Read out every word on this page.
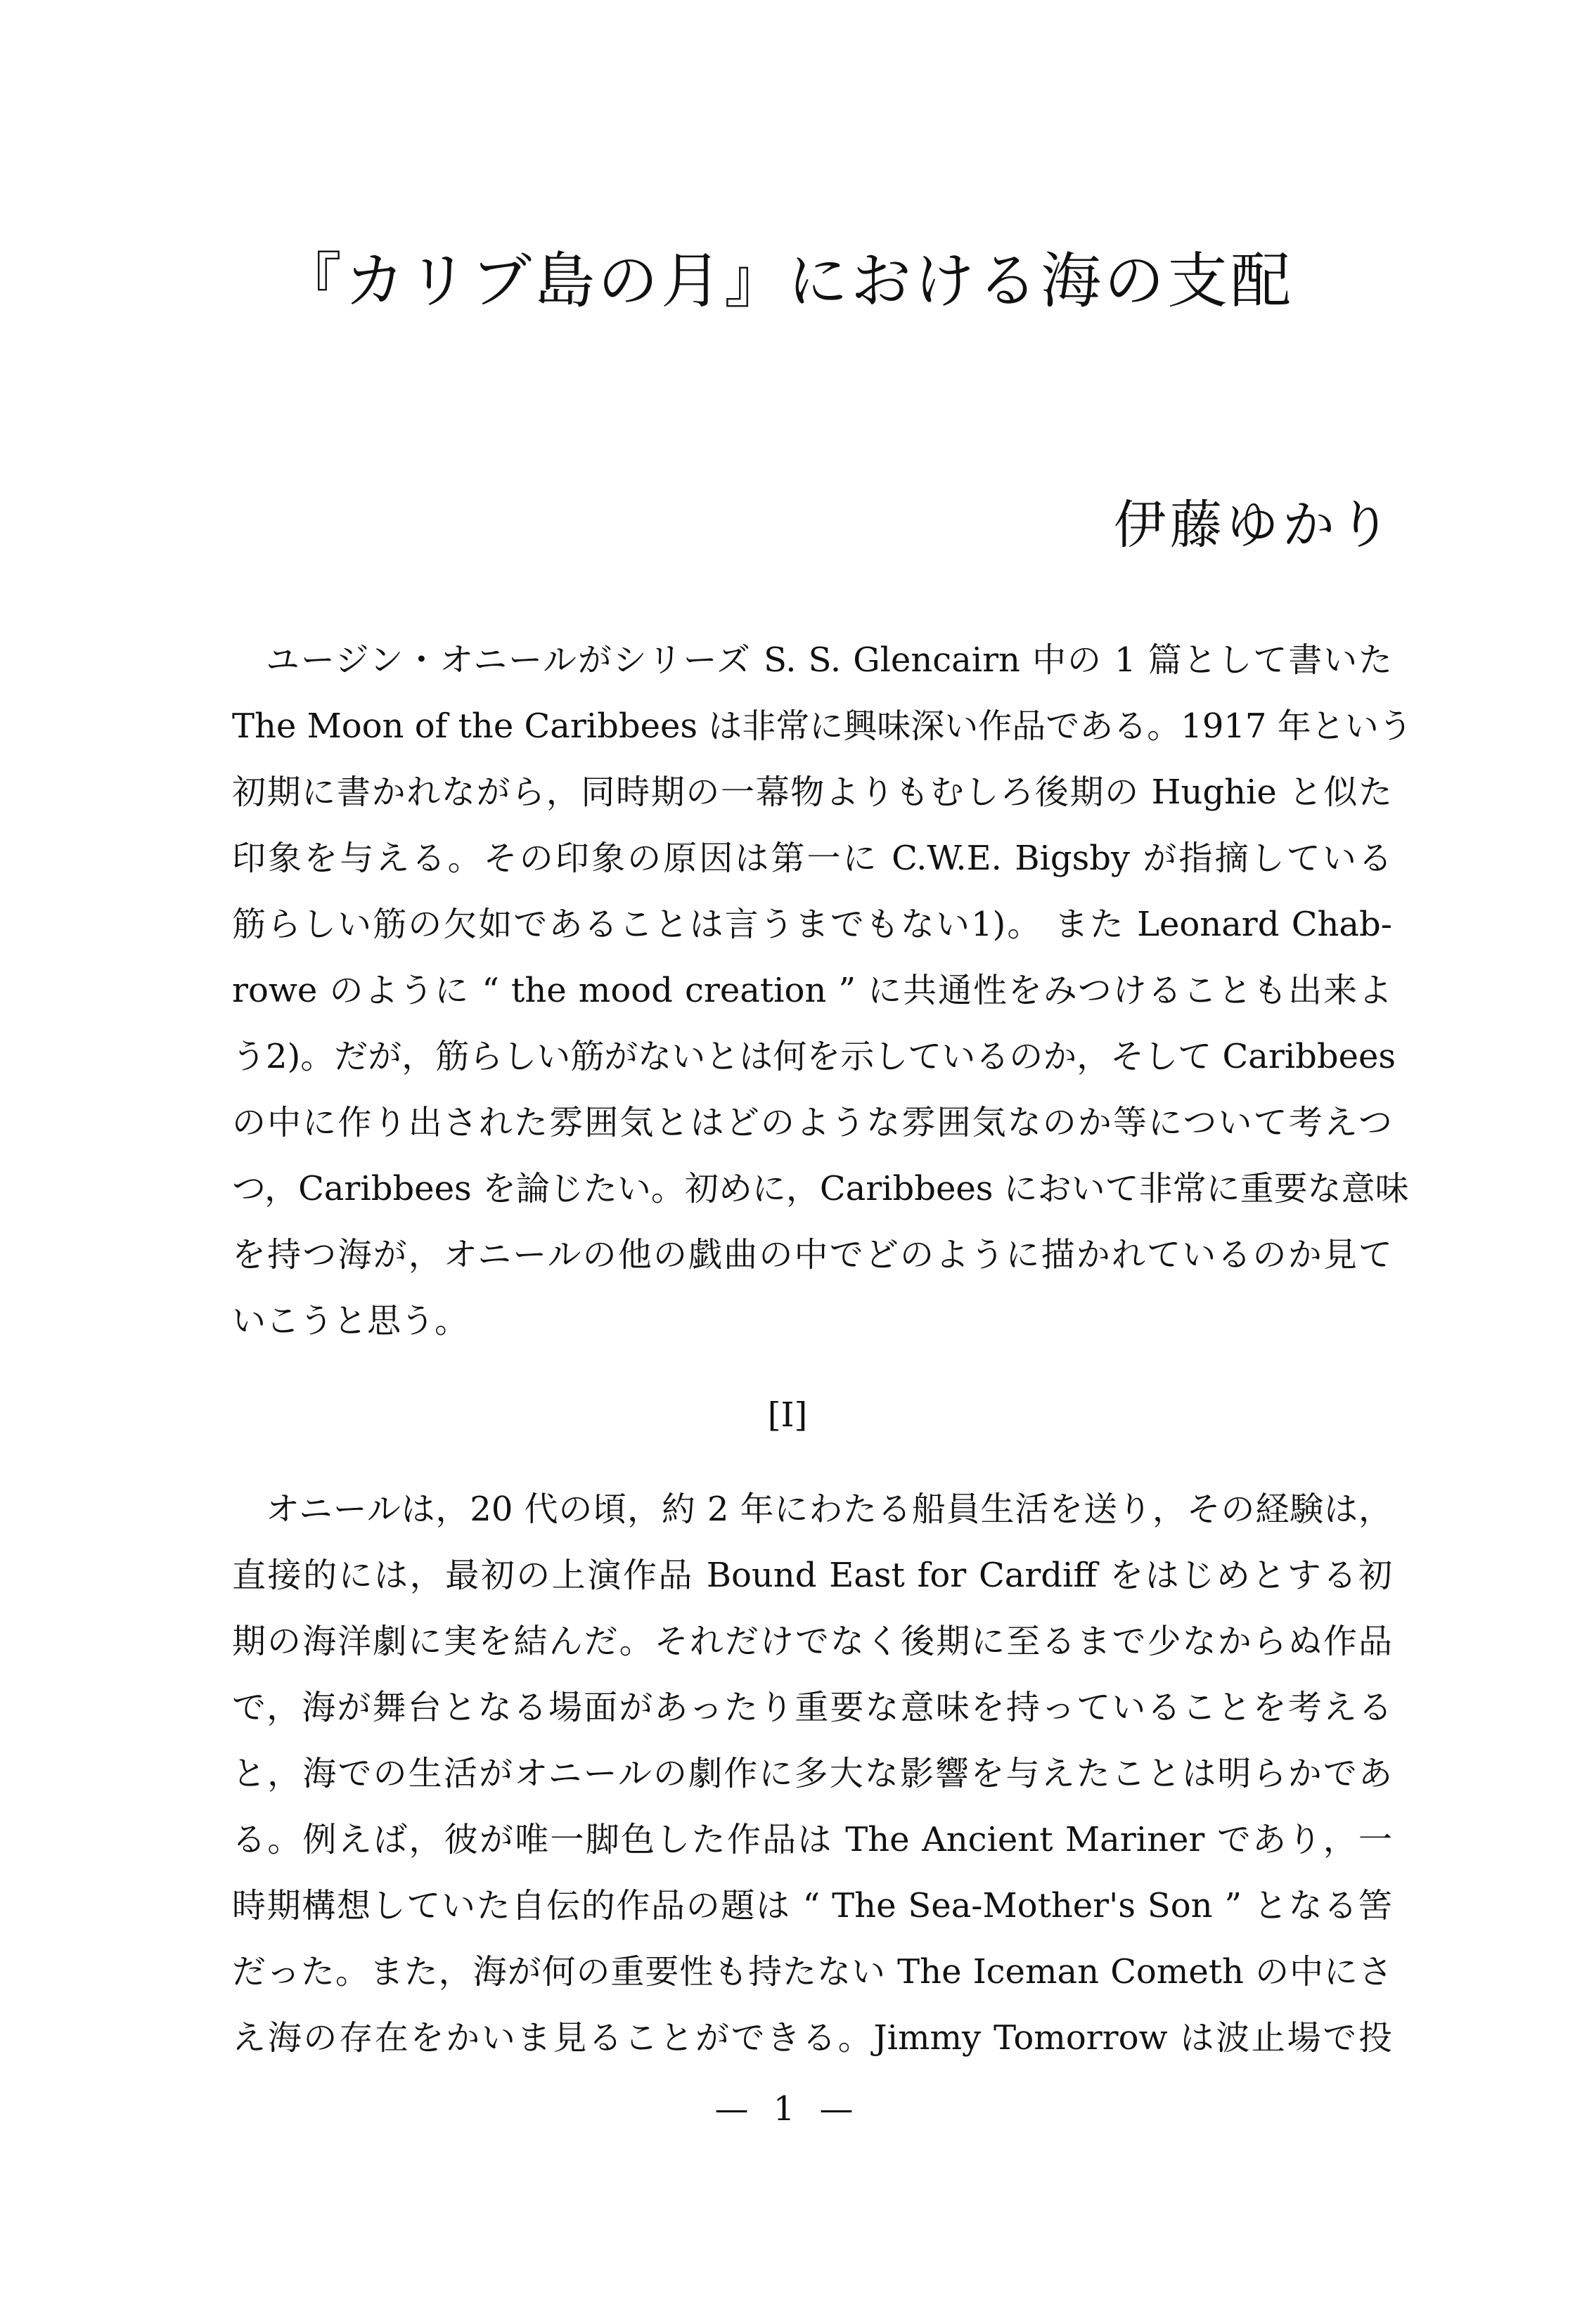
『カリブ島の月』における海の支配

伊藤ゆかり

ユージン・オニールがシリーズ S. S. Glencairn 中の 1 篇として書いた
The Moon of the Caribbees は非常に興味深い作品である。1917 年という
初期に書かれながら，同時期の一幕物よりもむしろ後期の Hughie と似た
印象を与える。その印象の原因は第一に C.W.E. Bigsby が指摘している
筋らしい筋の欠如であることは言うまでもない1)。 また Leonard Chab-
rowe のように “ the mood creation ” に共通性をみつけることも出来よ
う2)。だが，筋らしい筋がないとは何を示しているのか，そして Caribbees
の中に作り出された雰囲気とはどのような雰囲気なのか等について考えつ
つ，Caribbees を論じたい。初めに，Caribbees において非常に重要な意味
を持つ海が，オニールの他の戯曲の中でどのように描かれているのか見て
いこうと思う。

[I]

オニールは，20 代の頃，約 2 年にわたる船員生活を送り，その経験は，
直接的には，最初の上演作品 Bound East for Cardiff をはじめとする初
期の海洋劇に実を結んだ。それだけでなく後期に至るまで少なからぬ作品
で，海が舞台となる場面があったり重要な意味を持っていることを考える
と，海での生活がオニールの劇作に多大な影響を与えたことは明らかであ
る。例えば，彼が唯一脚色した作品は The Ancient Mariner であり，一
時期構想していた自伝的作品の題は “ The Sea-Mother's Son ” となる筈
だった。また，海が何の重要性も持たない The Iceman Cometh の中にさ
え海の存在をかいま見ることができる。Jimmy Tomorrow は波止場で投

— 1 —
